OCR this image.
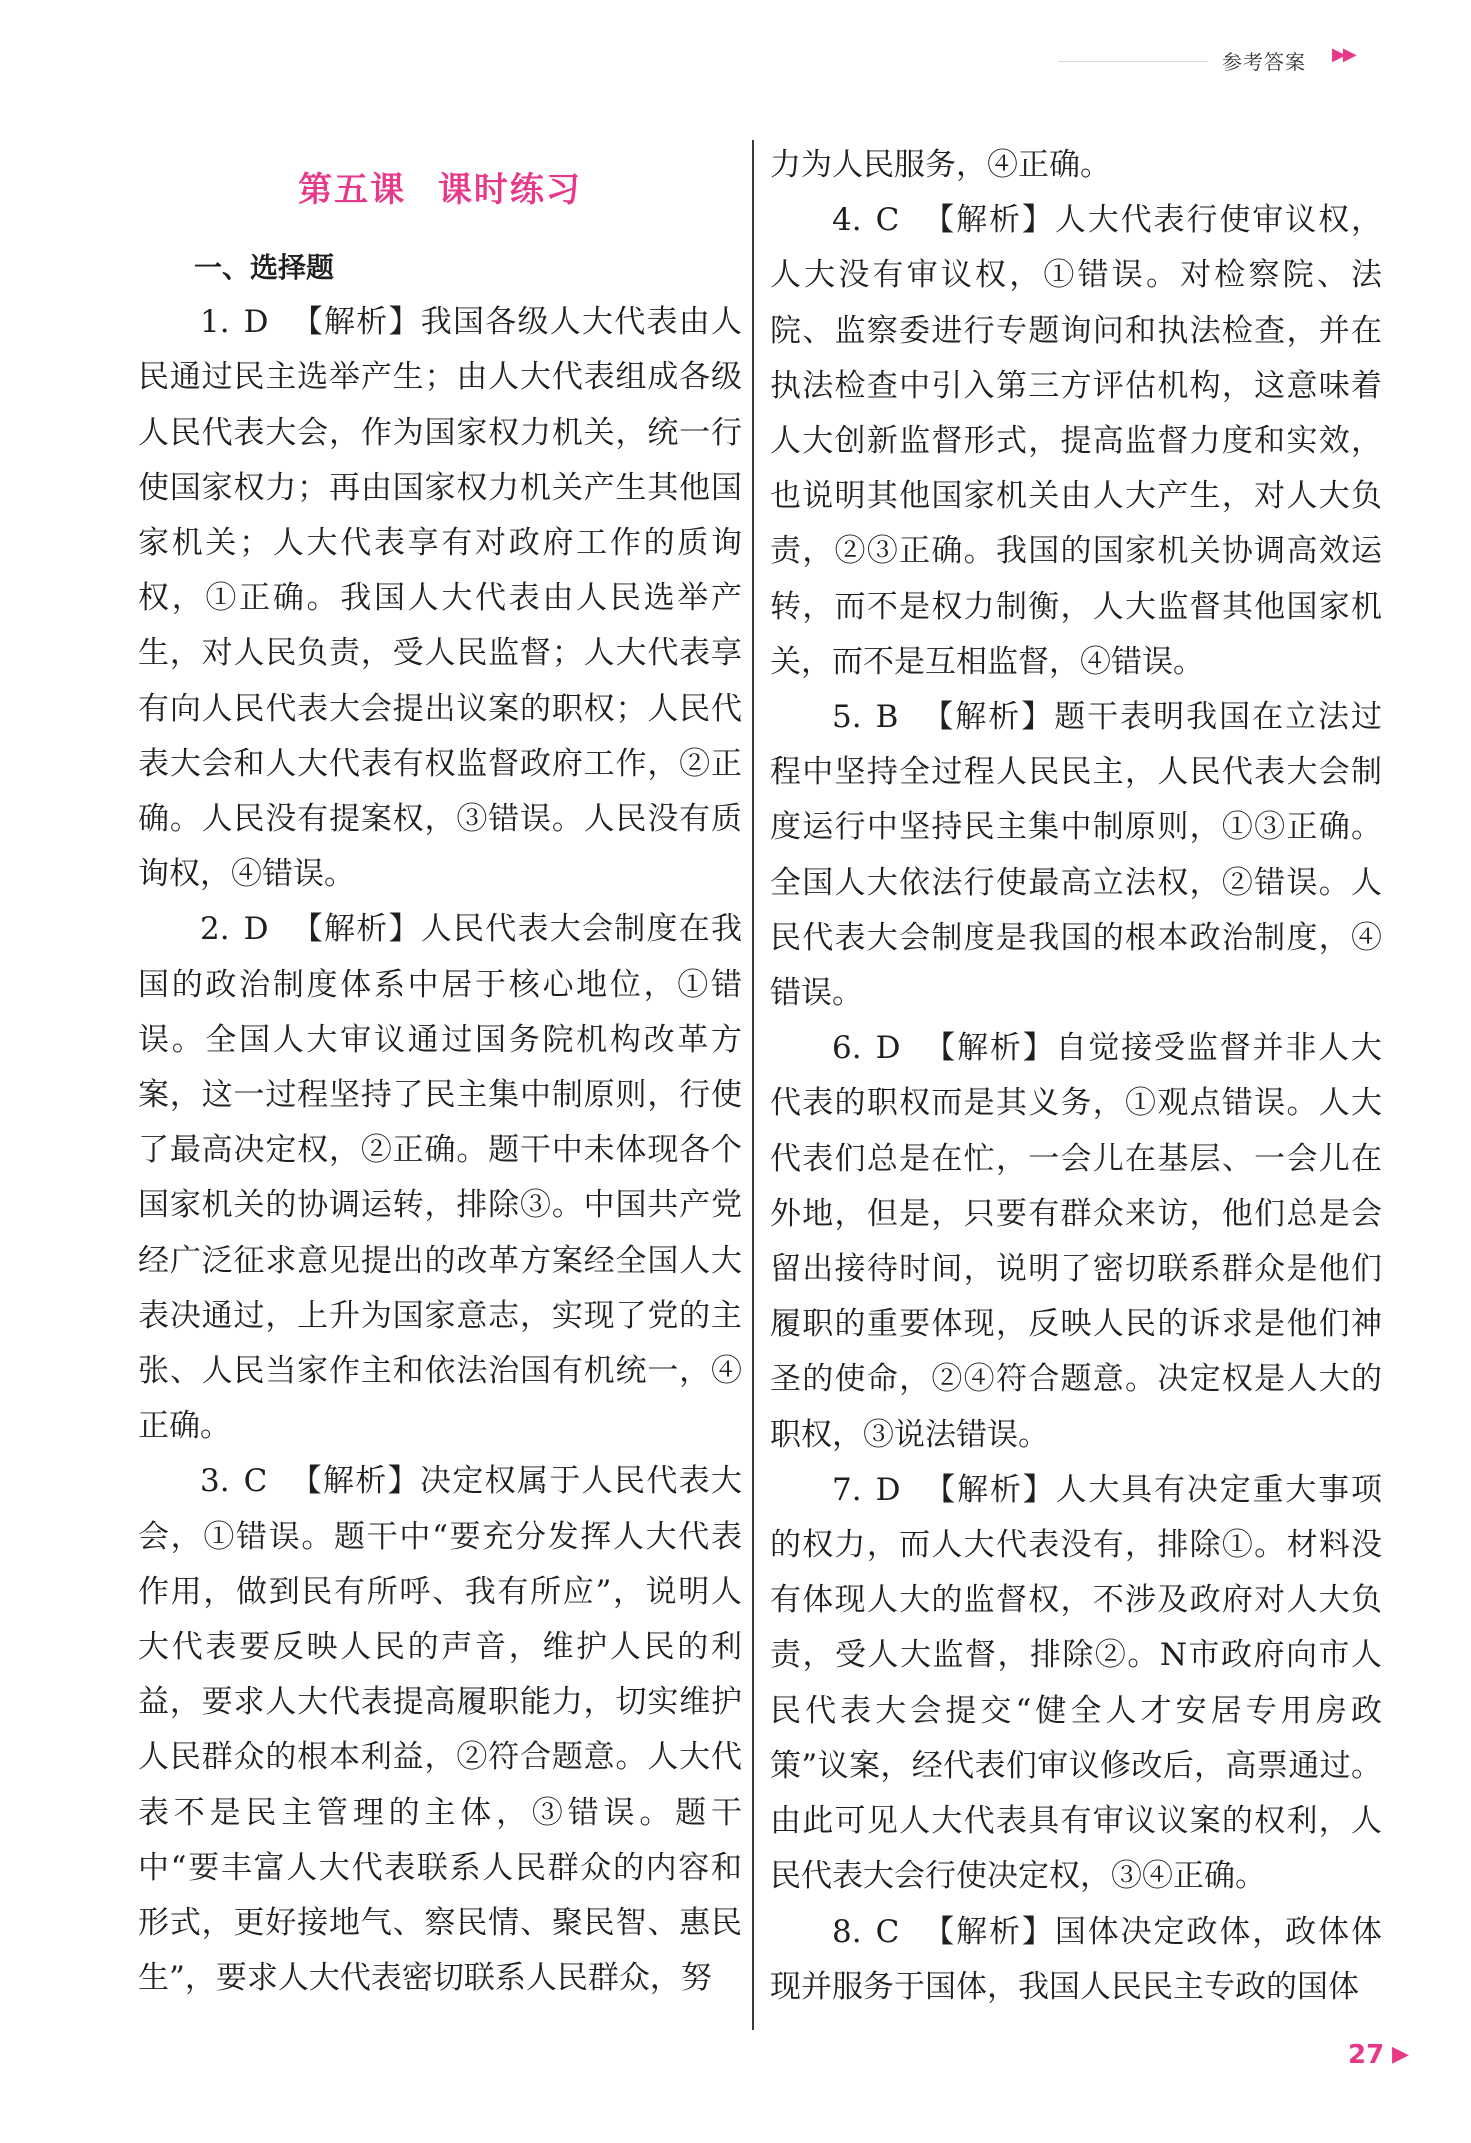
参考答案 ▶▶

第五课 课时练习

一、选择题

1. D 【解析】我国各级人大代表由人民通过民主选举产生；由人大代表组成各级人民代表大会，作为国家权力机关，统一行使国家权力；再由国家权力机关产生其他国家机关；人大代表享有对政府工作的质询权，①正确。我国人大代表由人民选举产生，对人民负责，受人民监督；人大代表享有向人民代表大会提出议案的职权；人民代表大会和人大代表有权监督政府工作，②正确。人民没有提案权，③错误。人民没有质询权，④错误。

2. D 【解析】人民代表大会制度在我国的政治制度体系中居于核心地位，①错误。全国人大审议通过国务院机构改革方案，这一过程坚持了民主集中制原则，行使了最高决定权，②正确。题干中未体现各个国家机关的协调运转，排除③。中国共产党经广泛征求意见提出的改革方案经全国人大表决通过，上升为国家意志，实现了党的主张、人民当家作主和依法治国有机统一，④正确。

3. C 【解析】决定权属于人民代表大会，①错误。题干中“要充分发挥人大代表作用，做到民有所呼、我有所应”，说明人大代表要反映人民的声音，维护人民的利益，要求人大代表提高履职能力，切实维护人民群众的根本利益，②符合题意。人大代表不是民主管理的主体，③错误。题干中“要丰富人大代表联系人民群众的内容和形式，更好接地气、察民情、聚民智、惠民生”，要求人大代表密切联系人民群众，努

力为人民服务，④正确。

4. C 【解析】人大代表行使审议权，人大没有审议权，①错误。对检察院、法院、监察委进行专题询问和执法检查，并在执法检查中引入第三方评估机构，这意味着人大创新监督形式，提高监督力度和实效，也说明其他国家机关由人大产生，对人大负责，②③正确。我国的国家机关协调高效运转，而不是权力制衡，人大监督其他国家机关，而不是互相监督，④错误。

5. B 【解析】题干表明我国在立法过程中坚持全过程人民民主，人民代表大会制度运行中坚持民主集中制原则，①③正确。全国人大依法行使最高立法权，②错误。人民代表大会制度是我国的根本政治制度，④错误。

6. D 【解析】自觉接受监督并非人大代表的职权而是其义务，①观点错误。人大代表们总是在忙，一会儿在基层、一会儿在外地，但是，只要有群众来访，他们总是会留出接待时间，说明了密切联系群众是他们履职的重要体现，反映人民的诉求是他们神圣的使命，②④符合题意。决定权是人大的职权，③说法错误。

7. D 【解析】人大具有决定重大事项的权力，而人大代表没有，排除①。材料没有体现人大的监督权，不涉及政府对人大负责，受人大监督，排除②。N市政府向市人民代表大会提交“健全人才安居专用房政策”议案，经代表们审议修改后，高票通过。由此可见人大代表具有审议议案的权利，人民代表大会行使决定权，③④正确。

8. C 【解析】国体决定政体，政体体现并服务于国体，我国人民民主专政的国体

27 ▶
